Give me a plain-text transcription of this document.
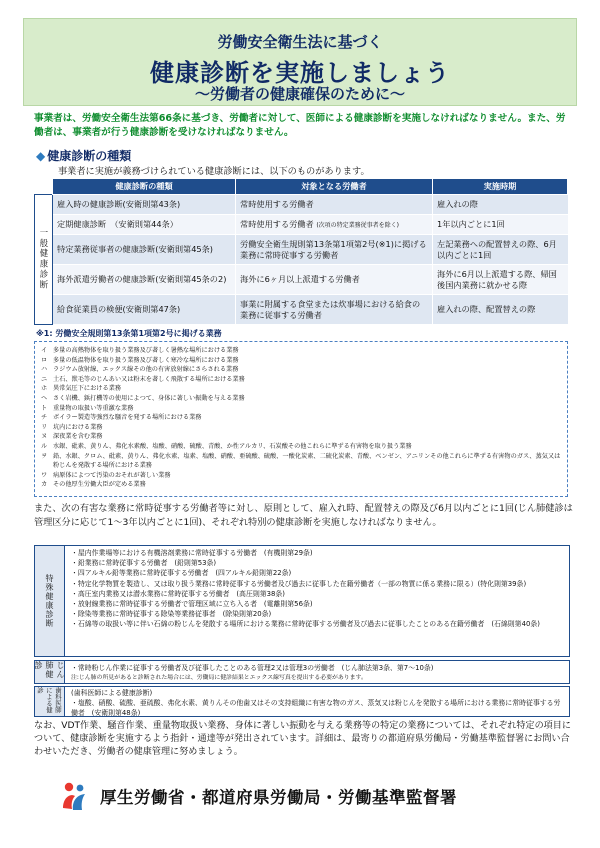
労働安全衛生法に基づく
健康診断を実施しましょう
〜労働者の健康確保のために〜
事業者は、労働安全衛生法第66条に基づき、労働者に対して、医師による健康診断を実施しなければなりません。また、労働者は、事業者が行う健康診断を受けなければなりません。
◆ 健康診断の種類
事業者に実施が義務づけられている健康診断には、以下のものがあります。
	健康診断の種類	対象となる労働者	実施時期
一般健康診断	雇入時の健康診断(安衛則第43条)	常時使用する労働者	雇入れの際
	定期健康診断　（安衛則第44条）	常時使用する労働者 (次項の特定業務従事者を除く)	1年以内ごとに1回
	特定業務従事者の健康診断(安衛則第45条)	労働安全衛生規則第13条第1項第2号(※1)に掲げる業務に常時従事する労働者	左記業務への配置替えの際、6月以内ごとに1回
	海外派遣労働者の健康診断(安衛則第45条の2)	海外に6ヶ月以上派遣する労働者	海外に6月以上派遣する際、帰国後国内業務に就かせる際
	給食従業員の検便(安衛則第47条)	事業に附属する食堂または炊事場における給食の業務に従事する労働者	雇入れの際、配置替えの際
※1: 労働安全規則第13条第1項第2号に掲げる業務
イ 多量の高熱物体を取り扱う業務及び著しく暑熱な場所における業務
ロ 多量の低温物体を取り扱う業務及び著しく寒冷な場所における業務
ハ ラジウム放射線、エックス線その他の有害放射線にさらされる業務
ニ 土石、獣毛等のじんあい又は粉末を著しく飛散する場所における業務
ホ 異常気圧下における業務
ヘ さく岩機、鋲打機等の使用によつて、身体に著しい振動を与える業務
ト 重量物の取扱い等重激な業務
チ ボイラー製造等強烈な騒音を発する場所における業務
リ 坑内における業務
ヌ 深夜業を含む業務
ル 水銀、砒素、黄りん、弗化水素酸、塩酸、硝酸、硫酸、青酸、か性アルカリ、石炭酸その他これらに準ずる有害物を取り扱う業務
ヲ 鉛、水銀、クロム、砒素、黄りん、弗化水素、塩素、塩酸、硝酸、亜硫酸、硫酸、一酸化炭素、二硫化炭素、青酸、ベンゼン、アニリンその他これらに準ずる有害物のガス、蒸気又は粉じんを発散する場所における業務
ワ 病原体によつて汚染のおそれが著しい業務
カ その他厚生労働大臣が定める業務
また、次の有害な業務に常時従事する労働者等に対し、原則として、雇入れ時、配置替えの際及び6月以内ごとに1回(じん肺健診は管理区分に応じて1〜3年以内ごとに1回)、それぞれ特別の健康診断を実施しなければなりません。
特殊健康診断
・屋内作業場等における有機溶剤業務に常時従事する労働者　(有機則第29条)
・鉛業務に常時従事する労働者　(鉛則第53条)
・四アルキル鉛等業務に常時従事する労働者　(四アルキル鉛則第22条)
・特定化学物質を製造し、又は取り扱う業務に常時従事する労働者及び過去に従事した在籍労働者（一部の物質に係る業務に限る）(特化則第39条)
・高圧室内業務又は潜水業務に常時従事する労働者　(高圧則第38条)
・放射線業務に常時従事する労働者で管理区域に立ち入る者　(電離則第56条)
・除染等業務に常時従事する除染等業務従事者　(除染則第20条)
・石綿等の取扱い等に伴い石綿の粉じんを発散する場所における業務に常時従事する労働者及び過去に従事したことのある在籍労働者　(石綿則第40条)
じん肺健診	・常時粉じん作業に従事する労働者及び従事したことのある管理2又は管理3の労働者　(じん肺法第3条、第7〜10条)
注:じん肺の所見があると診断された場合には、労働局に健診結果とエックス線写真を提出する必要があります。
歯科医師による健診	(歯科医師による健康診断)
・塩酸、硝酸、硫酸、亜硫酸、弗化水素、黄りんその他歯又はその支持組織に有害な物のガス、蒸気又は粉じんを発散する場所における業務に常時従事する労働者　(安衛則第48条)
なお、VDT作業、騒音作業、重量物取扱い業務、身体に著しい振動を与える業務等の特定の業務については、それぞれ特定の項目について、健康診断を実施するよう指針・通達等が発出されています。詳細は、最寄りの都道府県労働局・労働基準監督署にお問い合わせいただき、労働者の健康管理に努めましょう。
厚生労働省・都道府県労働局・労働基準監督署
